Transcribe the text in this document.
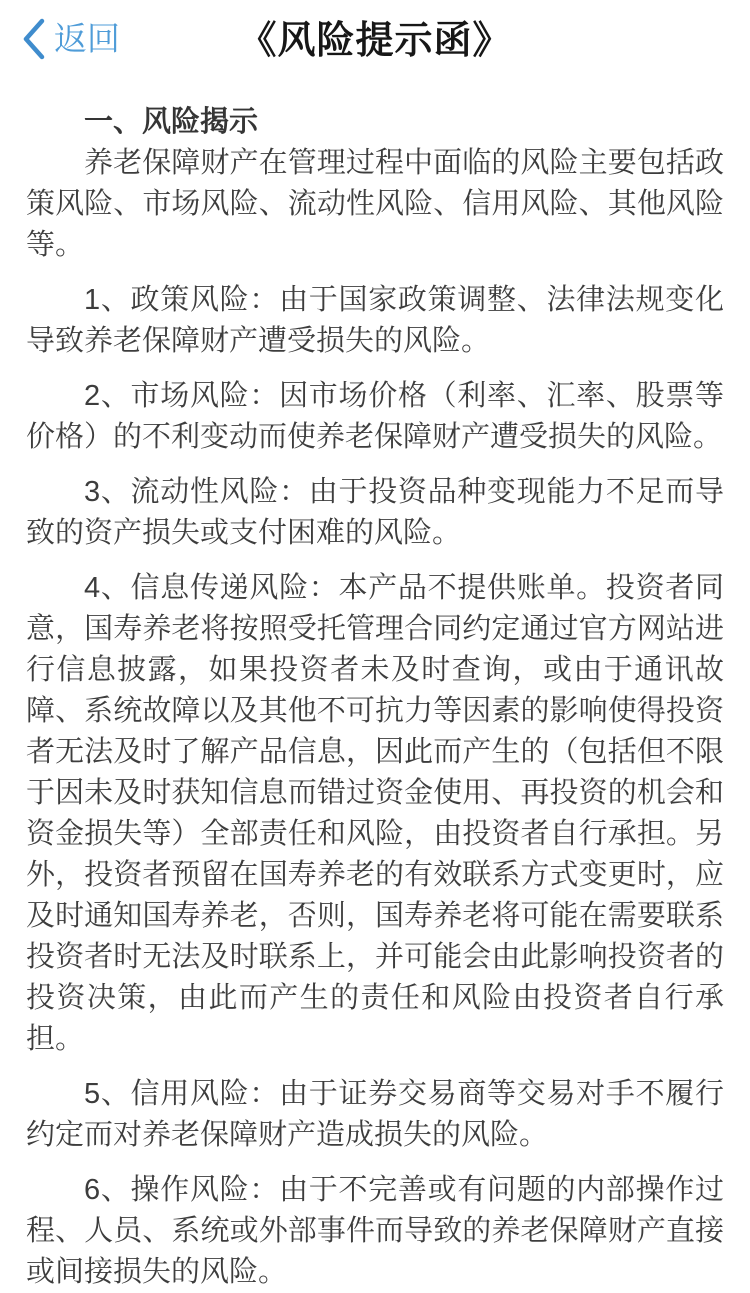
返回	《风险提示函》
一、风险揭示

养老保障财产在管理过程中面临的风险主要包括政策风险、市场风险、流动性风险、信用风险、其他风险等。

1、政策风险：由于国家政策调整、法律法规变化导致养老保障财产遭受损失的风险。

2、市场风险：因市场价格（利率、汇率、股票等价格）的不利变动而使养老保障财产遭受损失的风险。

3、流动性风险：由于投资品种变现能力不足而导致的资产损失或支付困难的风险。

4、信息传递风险：本产品不提供账单。投资者同意，国寿养老将按照受托管理合同约定通过官方网站进行信息披露，如果投资者未及时查询，或由于通讯故障、系统故障以及其他不可抗力等因素的影响使得投资者无法及时了解产品信息，因此而产生的（包括但不限于因未及时获知信息而错过资金使用、再投资的机会和资金损失等）全部责任和风险，由投资者自行承担。另外，投资者预留在国寿养老的有效联系方式变更时，应及时通知国寿养老，否则，国寿养老将可能在需要联系投资者时无法及时联系上，并可能会由此影响投资者的投资决策，由此而产生的责任和风险由投资者自行承担。

5、信用风险：由于证券交易商等交易对手不履行约定而对养老保障财产造成损失的风险。

6、操作风险：由于不完善或有问题的内部操作过程、人员、系统或外部事件而导致的养老保障财产直接或间接损失的风险。
